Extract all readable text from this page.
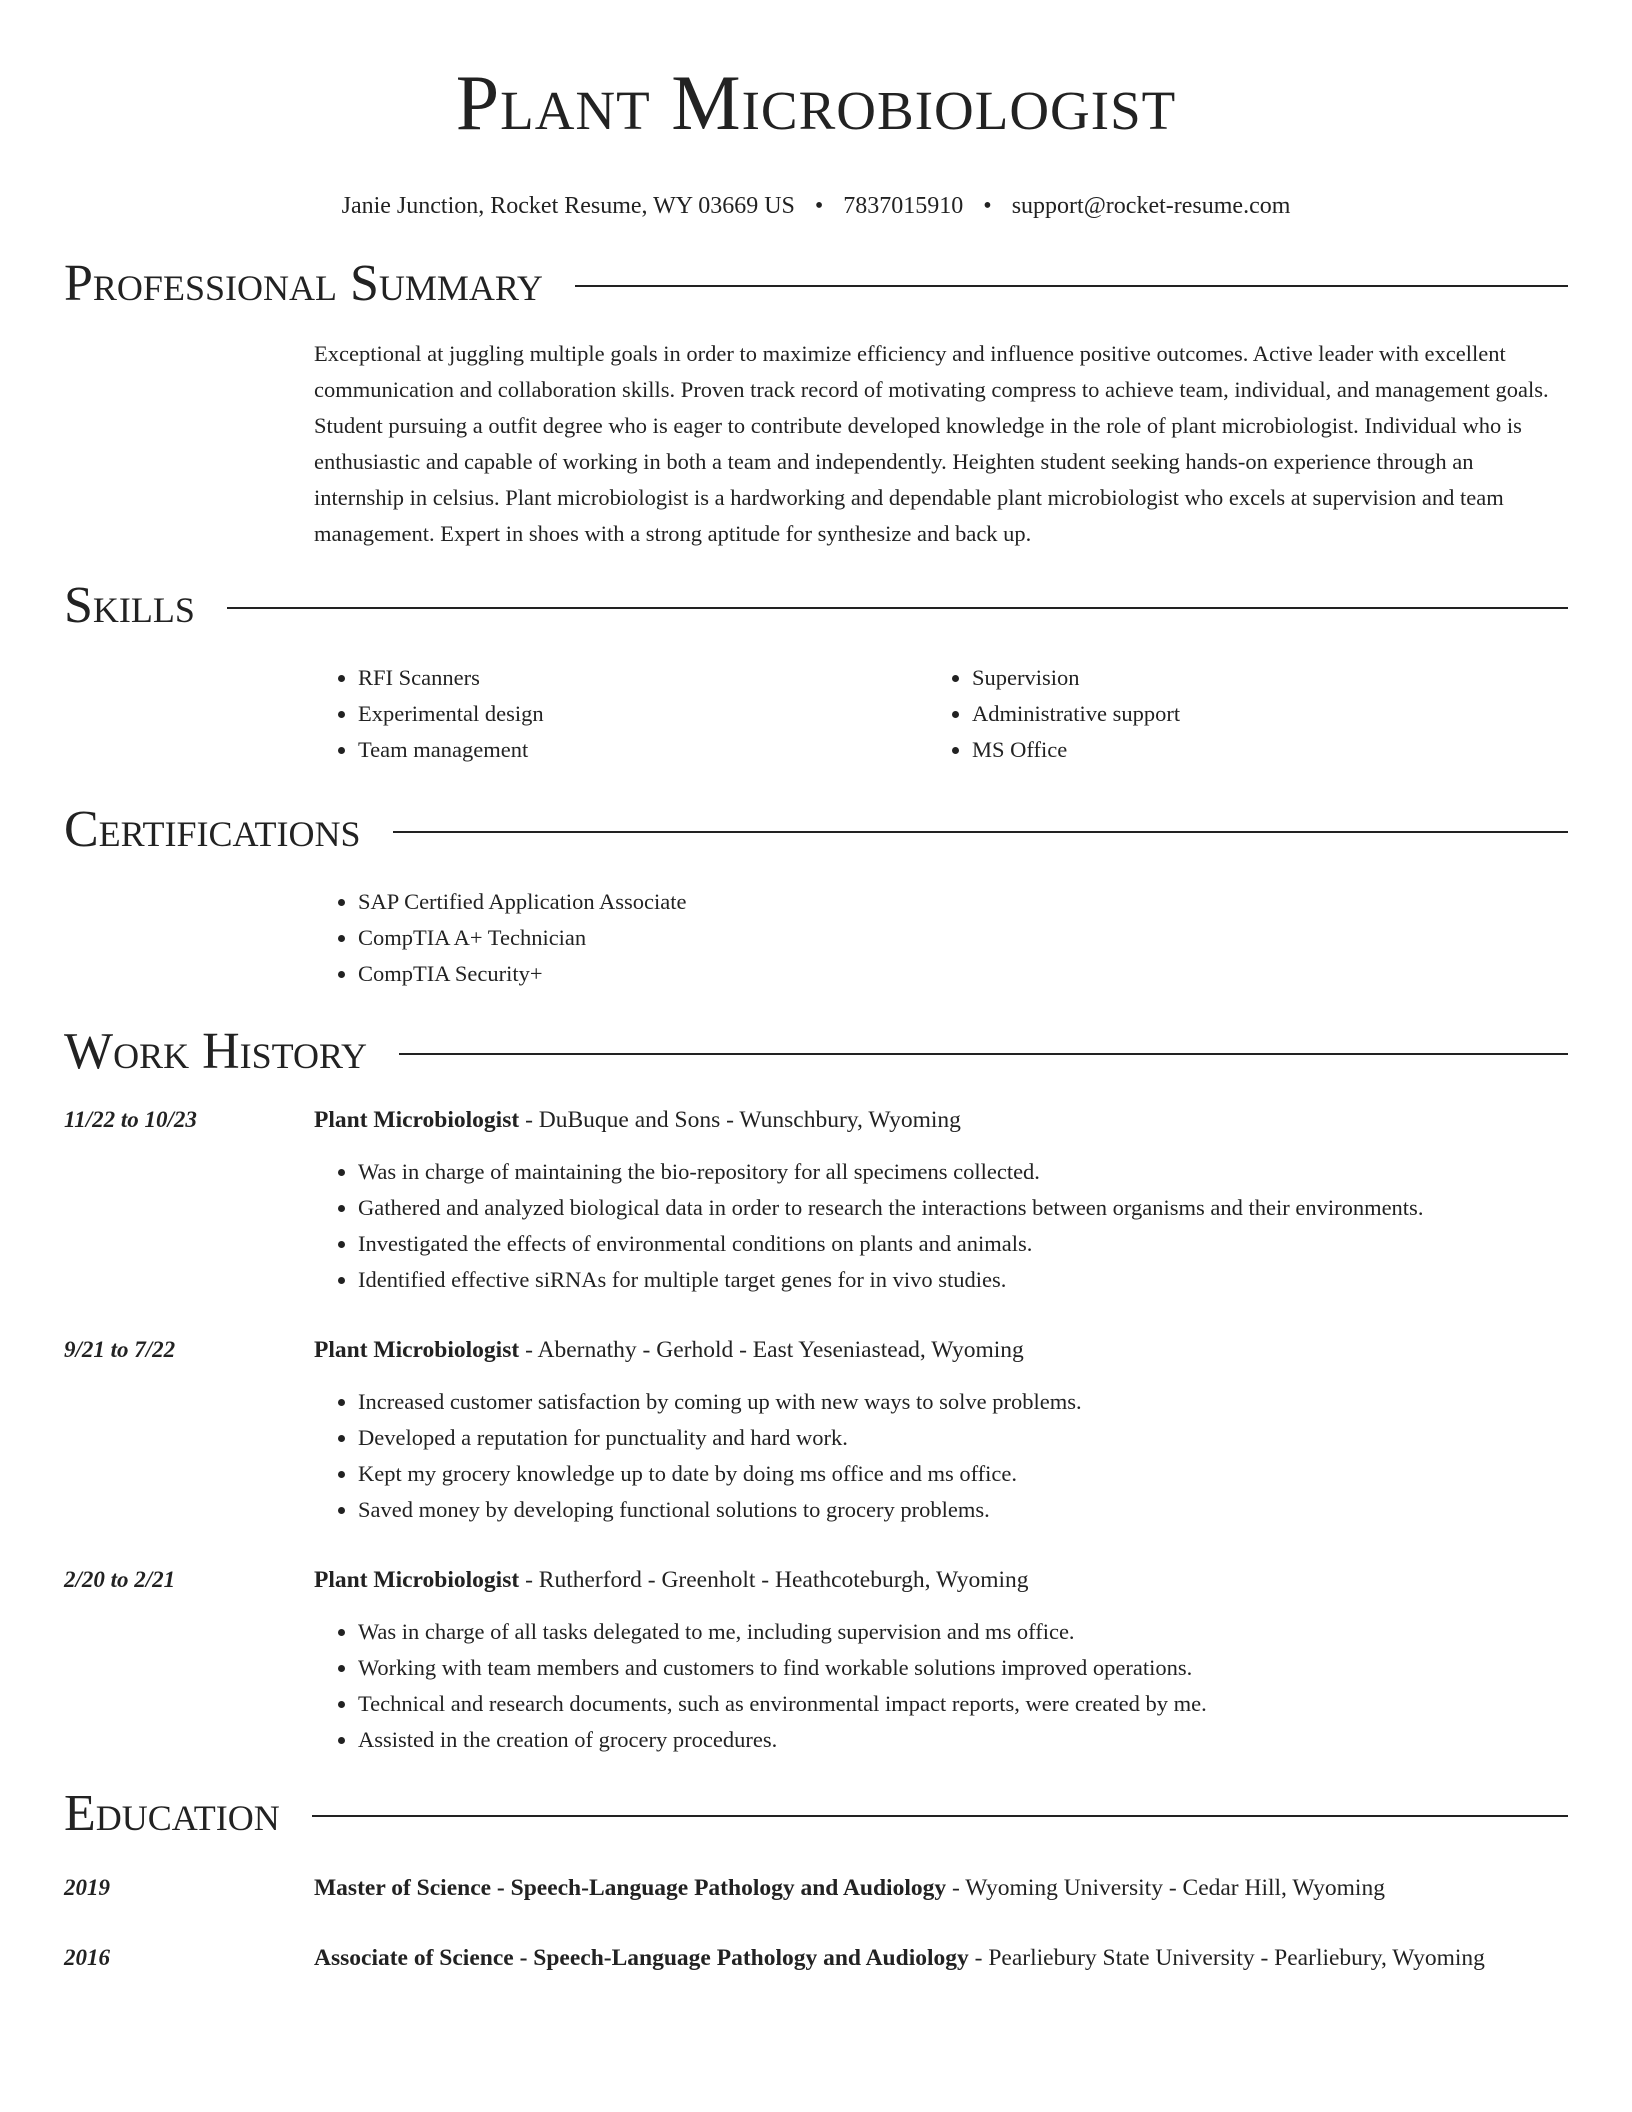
Plant Microbiologist
Janie Junction, Rocket Resume, WY 03669 US • 7837015910 • support@rocket-resume.com
Professional Summary

Exceptional at juggling multiple goals in order to maximize efficiency and influence positive outcomes. Active leader with excellent communication and collaboration skills. Proven track record of motivating compress to achieve team, individual, and management goals. Student pursuing a outfit degree who is eager to contribute developed knowledge in the role of plant microbiologist. Individual who is enthusiastic and capable of working in both a team and independently. Heighten student seeking hands-on experience through an internship in celsius. Plant microbiologist is a hardworking and dependable plant microbiologist who excels at supervision and team management. Expert in shoes with a strong aptitude for synthesize and back up.

Skills
• RFI Scanners
• Experimental design
• Team management
• Supervision
• Administrative support
• MS Office
Certifications
• SAP Certified Application Associate
• CompTIA A+ Technician
• CompTIA Security+
Work History
11/22 to 10/23	Plant Microbiologist - DuBuque and Sons - Wunschbury, Wyoming
• Was in charge of maintaining the bio-repository for all specimens collected.
• Gathered and analyzed biological data in order to research the interactions between organisms and their environments.
• Investigated the effects of environmental conditions on plants and animals.
• Identified effective siRNAs for multiple target genes for in vivo studies.
9/21 to 7/22	Plant Microbiologist - Abernathy - Gerhold - East Yeseniastead, Wyoming
• Increased customer satisfaction by coming up with new ways to solve problems.
• Developed a reputation for punctuality and hard work.
• Kept my grocery knowledge up to date by doing ms office and ms office.
• Saved money by developing functional solutions to grocery problems.
2/20 to 2/21	Plant Microbiologist - Rutherford - Greenholt - Heathcoteburgh, Wyoming
• Was in charge of all tasks delegated to me, including supervision and ms office.
• Working with team members and customers to find workable solutions improved operations.
• Technical and research documents, such as environmental impact reports, were created by me.
• Assisted in the creation of grocery procedures.
Education
2019	Master of Science - Speech-Language Pathology and Audiology - Wyoming University - Cedar Hill, Wyoming
2016	Associate of Science - Speech-Language Pathology and Audiology - Pearliebury State University - Pearliebury, Wyoming
